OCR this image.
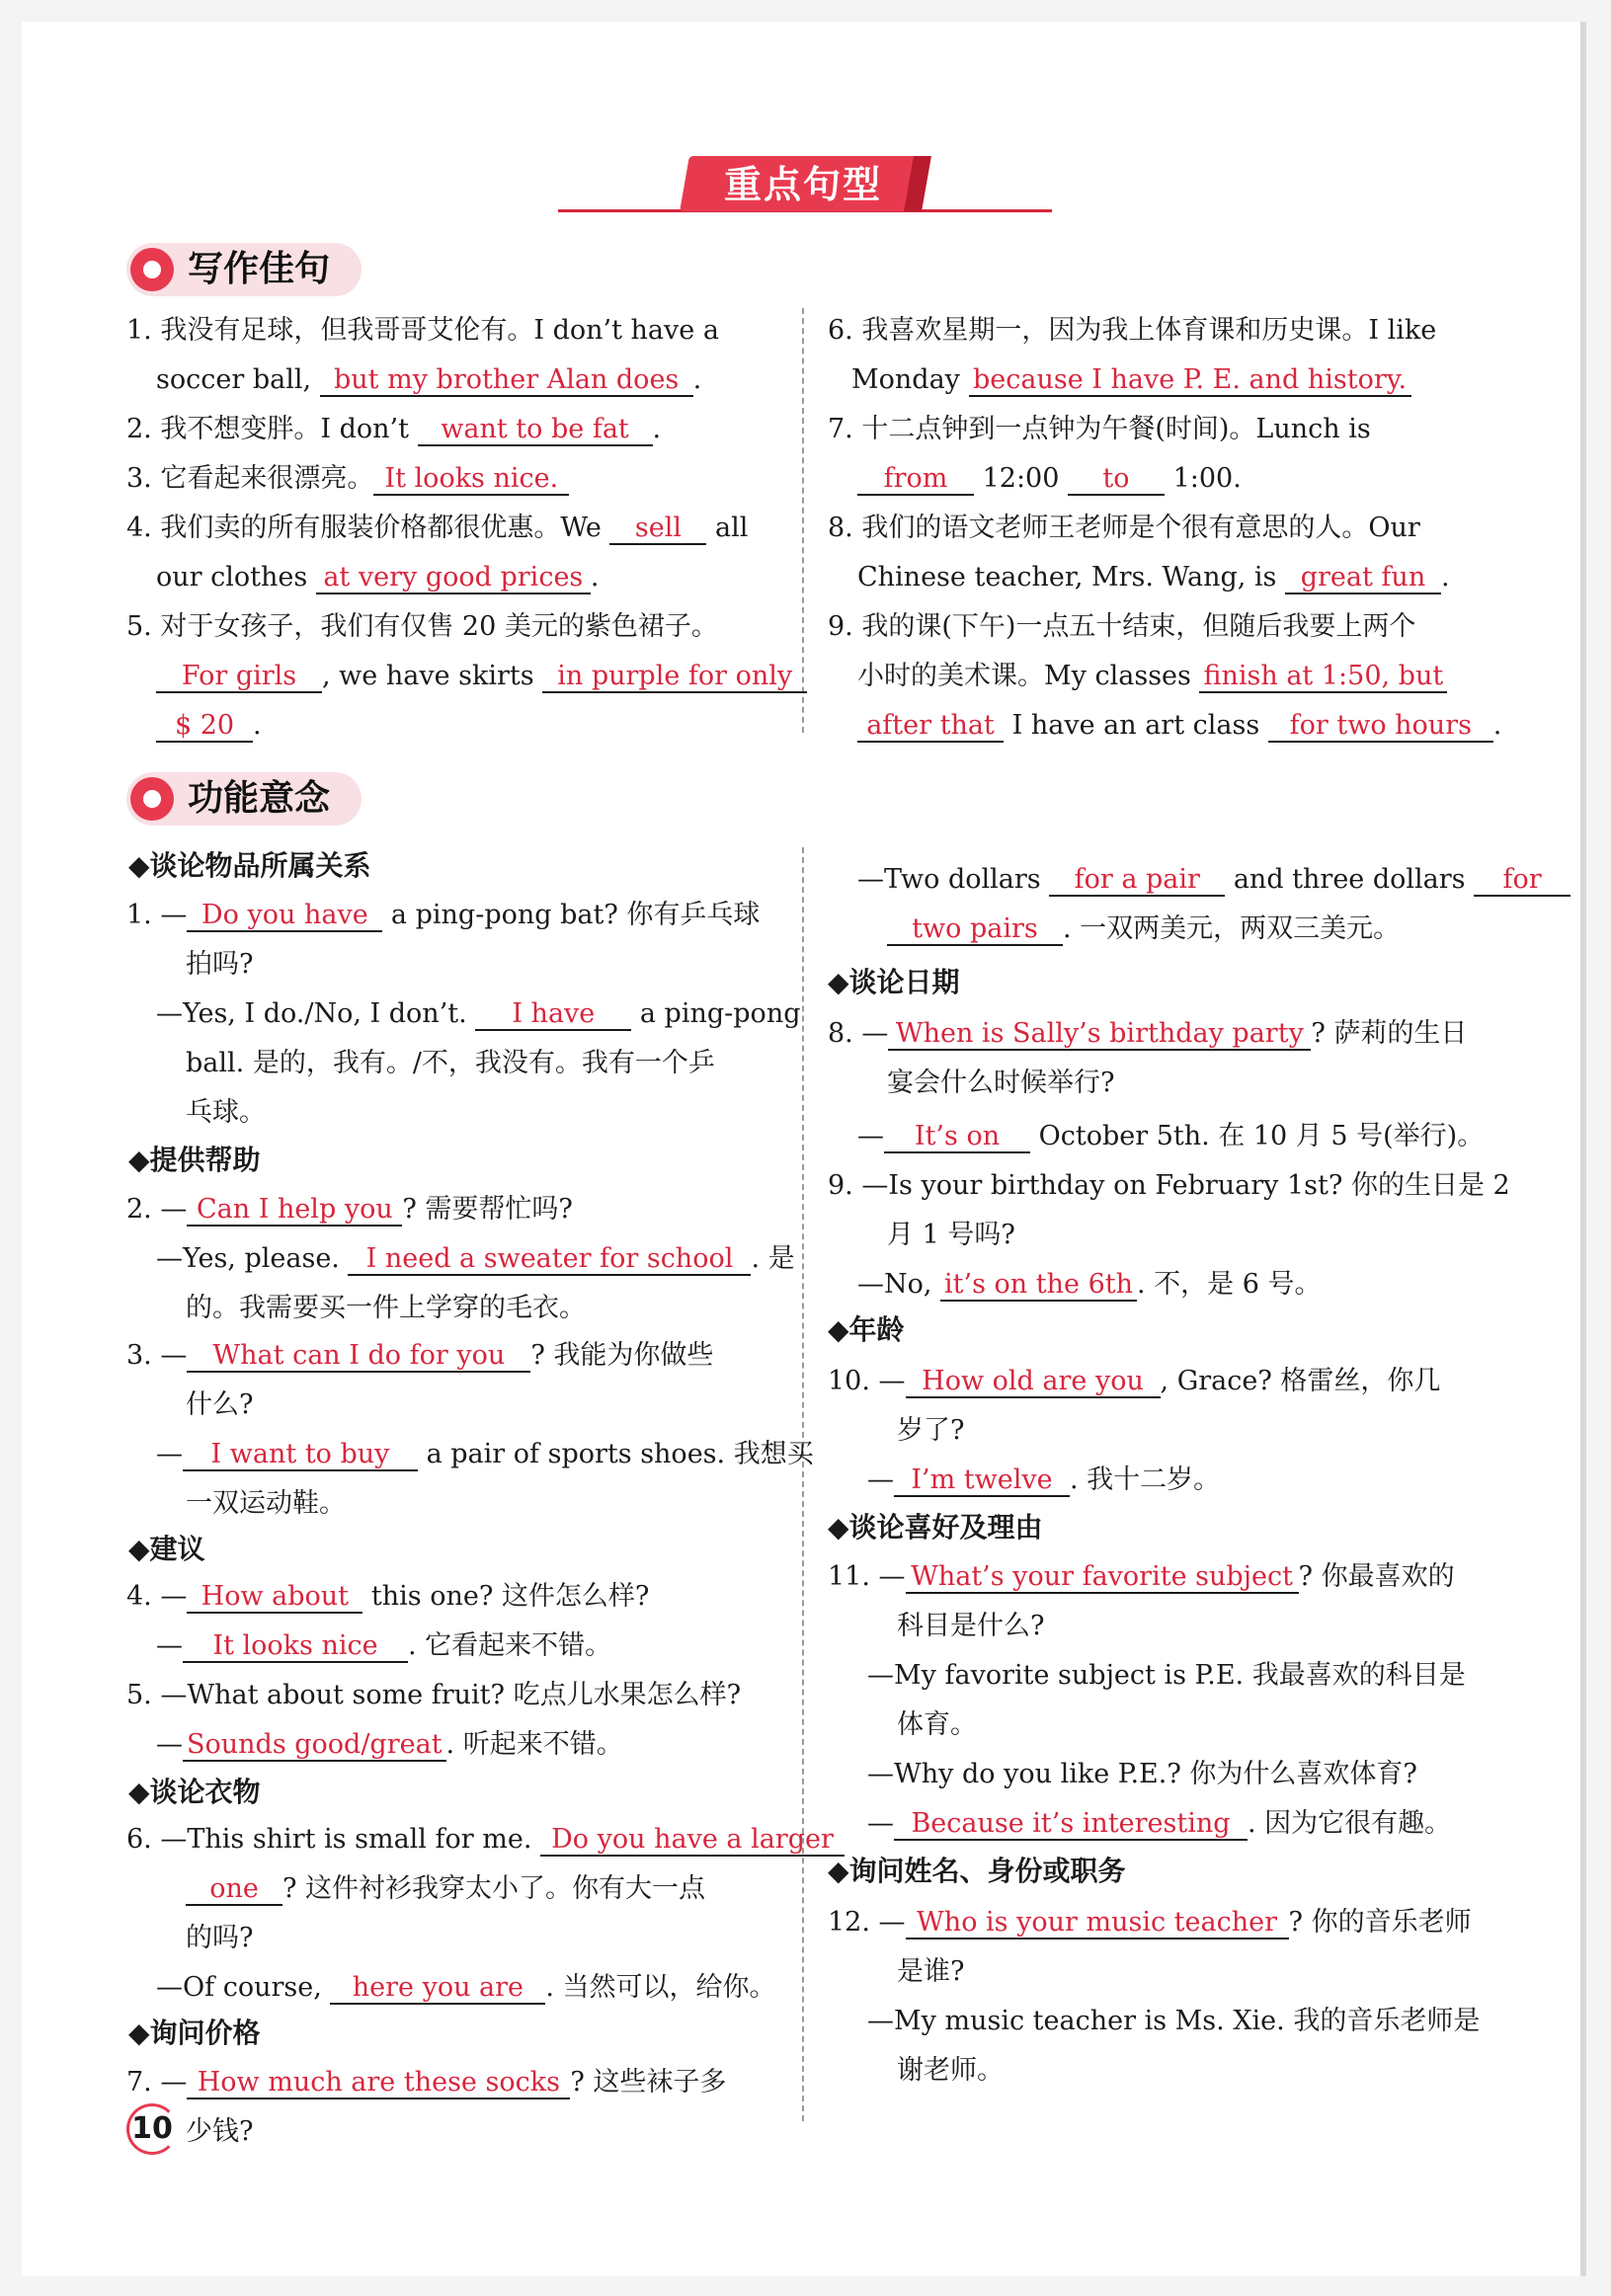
重点句型
写作佳句
功能意念
1. 我没有足球，但我哥哥艾伦有。I don’t have a
soccer ball, but my brother Alan does .
2. 我不想变胖。I don’t want to be fat .
3. 它看起来很漂亮。 It looks nice.
4. 我们卖的所有服装价格都很优惠。We sell all
our clothes at very good prices .
5. 对于女孩子，我们有仅售 20 美元的紫色裙子。
For girls , we have skirts in purple for only
$ 20 .
6. 我喜欢星期一，因为我上体育课和历史课。I like
Monday because I have P. E. and history.
7. 十二点钟到一点钟为午餐(时间)。Lunch is
from 12:00 to 1:00.
8. 我们的语文老师王老师是个很有意思的人。Our
Chinese teacher, Mrs. Wang, is great fun .
9. 我的课(下午)一点五十结束，但随后我要上两个
小时的美术课。My classes finish at 1:50, but
after that I have an art class for two hours .
◆谈论物品所属关系
1. — Do you have a ping-pong bat? 你有乒乓球
拍吗?
—Yes, I do./No, I don’t. I have a ping-pong
ball. 是的，我有。/不，我没有。我有一个乒
乓球。
◆提供帮助
2. — Can I help you ? 需要帮忙吗?
—Yes, please. I need a sweater for school . 是
的。我需要买一件上学穿的毛衣。
3. — What can I do for you ? 我能为你做些
什么?
— I want to buy a pair of sports shoes. 我想买
一双运动鞋。
◆建议
4. — How about this one? 这件怎么样?
— It looks nice . 它看起来不错。
5. —What about some fruit? 吃点儿水果怎么样?
— Sounds good/great . 听起来不错。
◆谈论衣物
6. —This shirt is small for me. Do you have a larger
one ? 这件衬衫我穿太小了。你有大一点
的吗?
—Of course, here you are . 当然可以，给你。
◆询问价格
7. — How much are these socks ? 这些袜子多
少钱?
—Two dollars for a pair and three dollars for
two pairs . 一双两美元，两双三美元。
◆谈论日期
8. — When is Sally’s birthday party ? 萨莉的生日
宴会什么时候举行?
— It’s on October 5th. 在 10 月 5 号(举行)。
9. —Is your birthday on February 1st? 你的生日是 2
月 1 号吗?
—No, it’s on the 6th . 不，是 6 号。
◆年龄
10. — How old are you , Grace? 格雷丝，你几
岁了?
— I’m twelve . 我十二岁。
◆谈论喜好及理由
11. — What’s your favorite subject ? 你最喜欢的
科目是什么?
—My favorite subject is P.E. 我最喜欢的科目是
体育。
—Why do you like P.E.? 你为什么喜欢体育?
— Because it’s interesting . 因为它很有趣。
◆询问姓名、身份或职务
12. — Who is your music teacher ? 你的音乐老师
是谁?
—My music teacher is Ms. Xie. 我的音乐老师是
谢老师。
10
